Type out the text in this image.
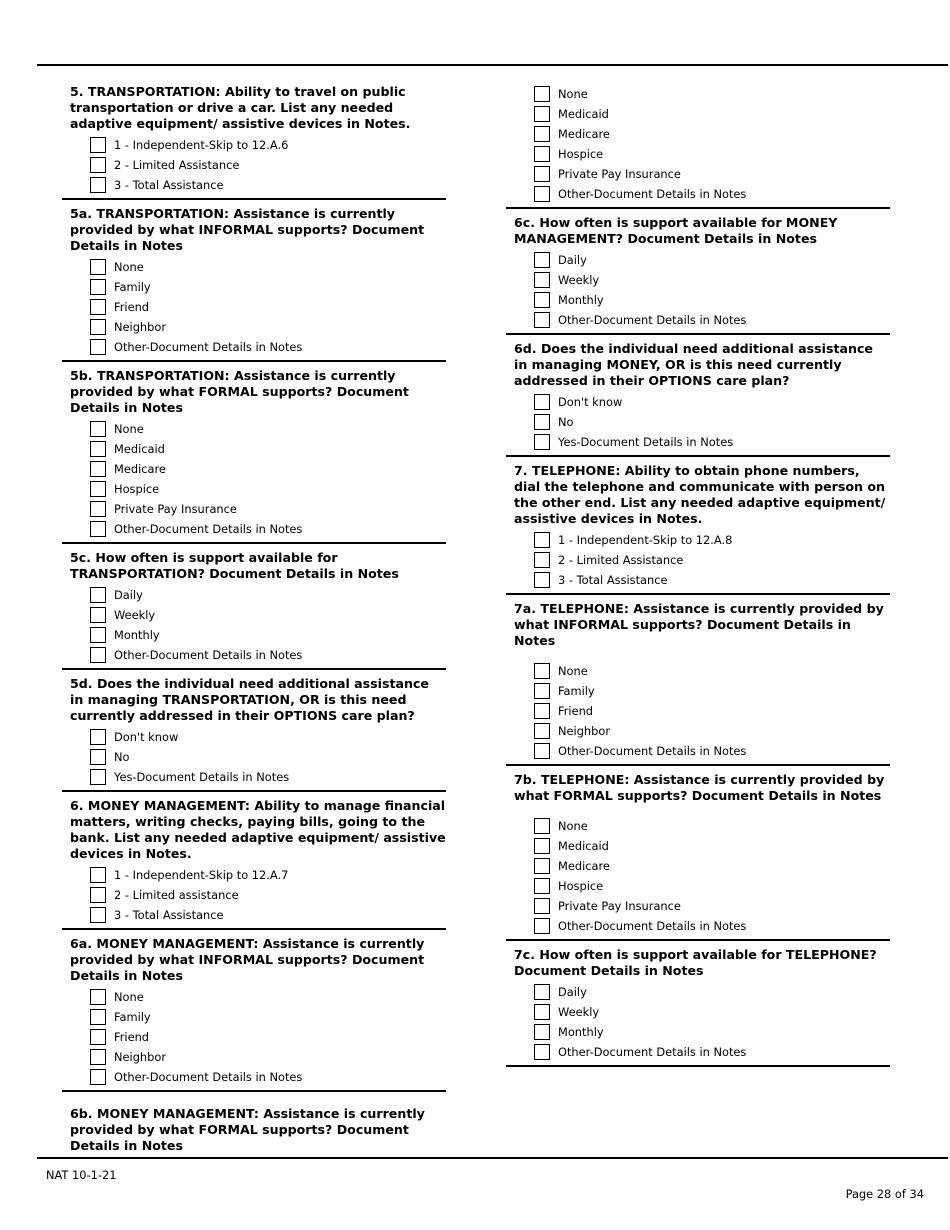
5. TRANSPORTATION: Ability to travel on public transportation or drive a car. List any needed adaptive equipment/ assistive devices in Notes.
1 - Independent-Skip to 12.A.6
2 - Limited Assistance
3 - Total Assistance
5a. TRANSPORTATION: Assistance is currently provided by what INFORMAL supports? Document Details in Notes
None
Family
Friend
Neighbor
Other-Document Details in Notes
5b. TRANSPORTATION: Assistance is currently provided by what FORMAL supports? Document Details in Notes
None
Medicaid
Medicare
Hospice
Private Pay Insurance
Other-Document Details in Notes
5c. How often is support available for TRANSPORTATION? Document Details in Notes
Daily
Weekly
Monthly
Other-Document Details in Notes
5d. Does the individual need additional assistance in managing TRANSPORTATION, OR is this need currently addressed in their OPTIONS care plan?
Don't know
No
Yes-Document Details in Notes
6. MONEY MANAGEMENT: Ability to manage financial matters, writing checks, paying bills, going to the bank. List any needed adaptive equipment/ assistive devices in Notes.
1 - Independent-Skip to 12.A.7
2 - Limited assistance
3 - Total Assistance
6a. MONEY MANAGEMENT: Assistance is currently provided by what INFORMAL supports? Document Details in Notes
None
Family
Friend
Neighbor
Other-Document Details in Notes
6b. MONEY MANAGEMENT: Assistance is currently provided by what FORMAL supports? Document Details in Notes
None
Medicaid
Medicare
Hospice
Private Pay Insurance
Other-Document Details in Notes
6c. How often is support available for MONEY MANAGEMENT? Document Details in Notes
Daily
Weekly
Monthly
Other-Document Details in Notes
6d. Does the individual need additional assistance in managing MONEY, OR is this need currently addressed in their OPTIONS care plan?
Don't know
No
Yes-Document Details in Notes
7. TELEPHONE: Ability to obtain phone numbers, dial the telephone and communicate with person on the other end. List any needed adaptive equipment/ assistive devices in Notes.
1 - Independent-Skip to 12.A.8
2 - Limited Assistance
3 - Total Assistance
7a. TELEPHONE: Assistance is currently provided by what INFORMAL supports? Document Details in Notes
None
Family
Friend
Neighbor
Other-Document Details in Notes
7b. TELEPHONE: Assistance is currently provided by what FORMAL supports? Document Details in Notes
None
Medicaid
Medicare
Hospice
Private Pay Insurance
Other-Document Details in Notes
7c. How often is support available for TELEPHONE? Document Details in Notes
Daily
Weekly
Monthly
Other-Document Details in Notes
NAT 10-1-21
Page 28 of 34
